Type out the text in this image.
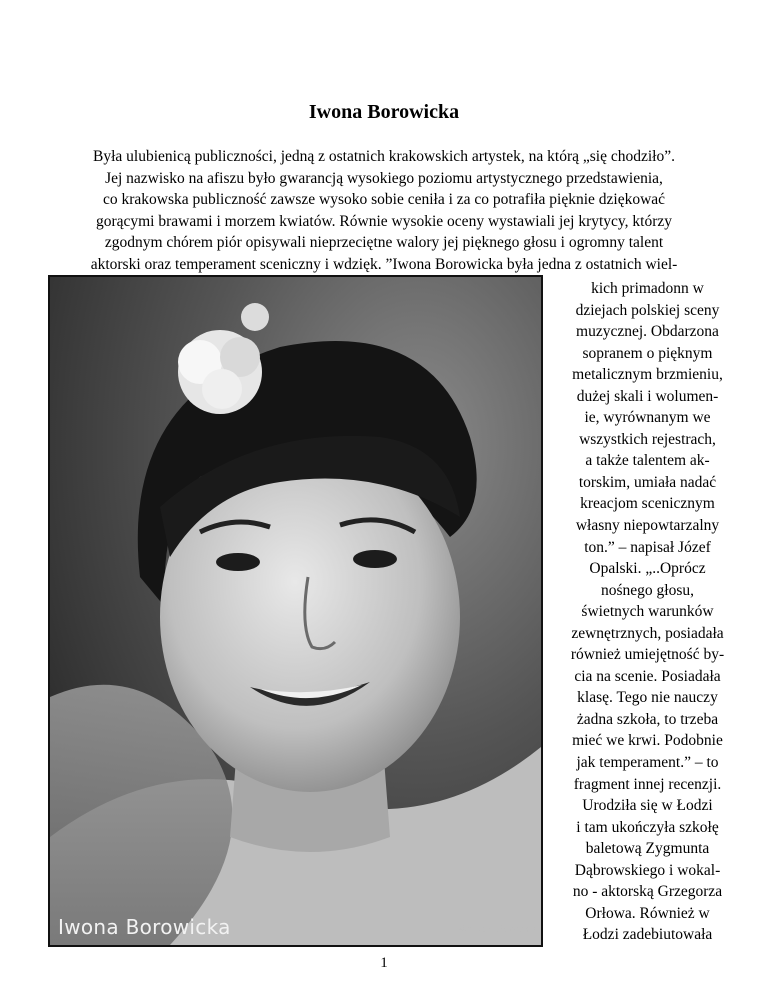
Iwona Borowicka
Była ulubienicą publiczności, jedną z ostatnich krakowskich artystek, na którą „się chodziło”.
Jej nazwisko na afiszu było gwarancją wysokiego poziomu artystycznego przedstawienia,
co krakowska publiczność zawsze wysoko sobie ceniła i za co potrafiła pięknie dziękować
gorącymi brawami i morzem kwiatów. Równie wysokie oceny wystawiali jej krytycy, którzy
zgodnym chórem piór opisywali nieprzeciętne walory jej pięknego głosu i ogromny talent
aktorski oraz temperament sceniczny i wdzięk. ”Iwona Borowicka była jedna z ostatnich wiel-
Iwona Borowicka	©autor nieznany
kich primadonn w
dziejach polskiej sceny
muzycznej. Obdarzona
sopranem o pięknym
metalicznym brzmieniu,
dużej skali i wolumen-
ie, wyrównanym we
wszystkich rejestrach,
a także talentem ak-
torskim, umiała nadać
kreacjom scenicznym
własny niepowtarzalny
ton.” – napisał Józef
Opalski. „..Oprócz
nośnego głosu,
świetnych warunków
zewnętrznych, posiadała
również umiejętność by-
cia na scenie. Posiadała
klasę. Tego nie nauczy
żadna szkoła, to trzeba
mieć we krwi. Podobnie
jak temperament.” – to
fragment innej recenzji.
Urodziła się w Łodzi
i tam ukończyła szkołę
baletową Zygmunta
Dąbrowskiego i wokal-
no - aktorską Grzegorza
Orłowa. Również w
Łodzi zadebiutowała
1
